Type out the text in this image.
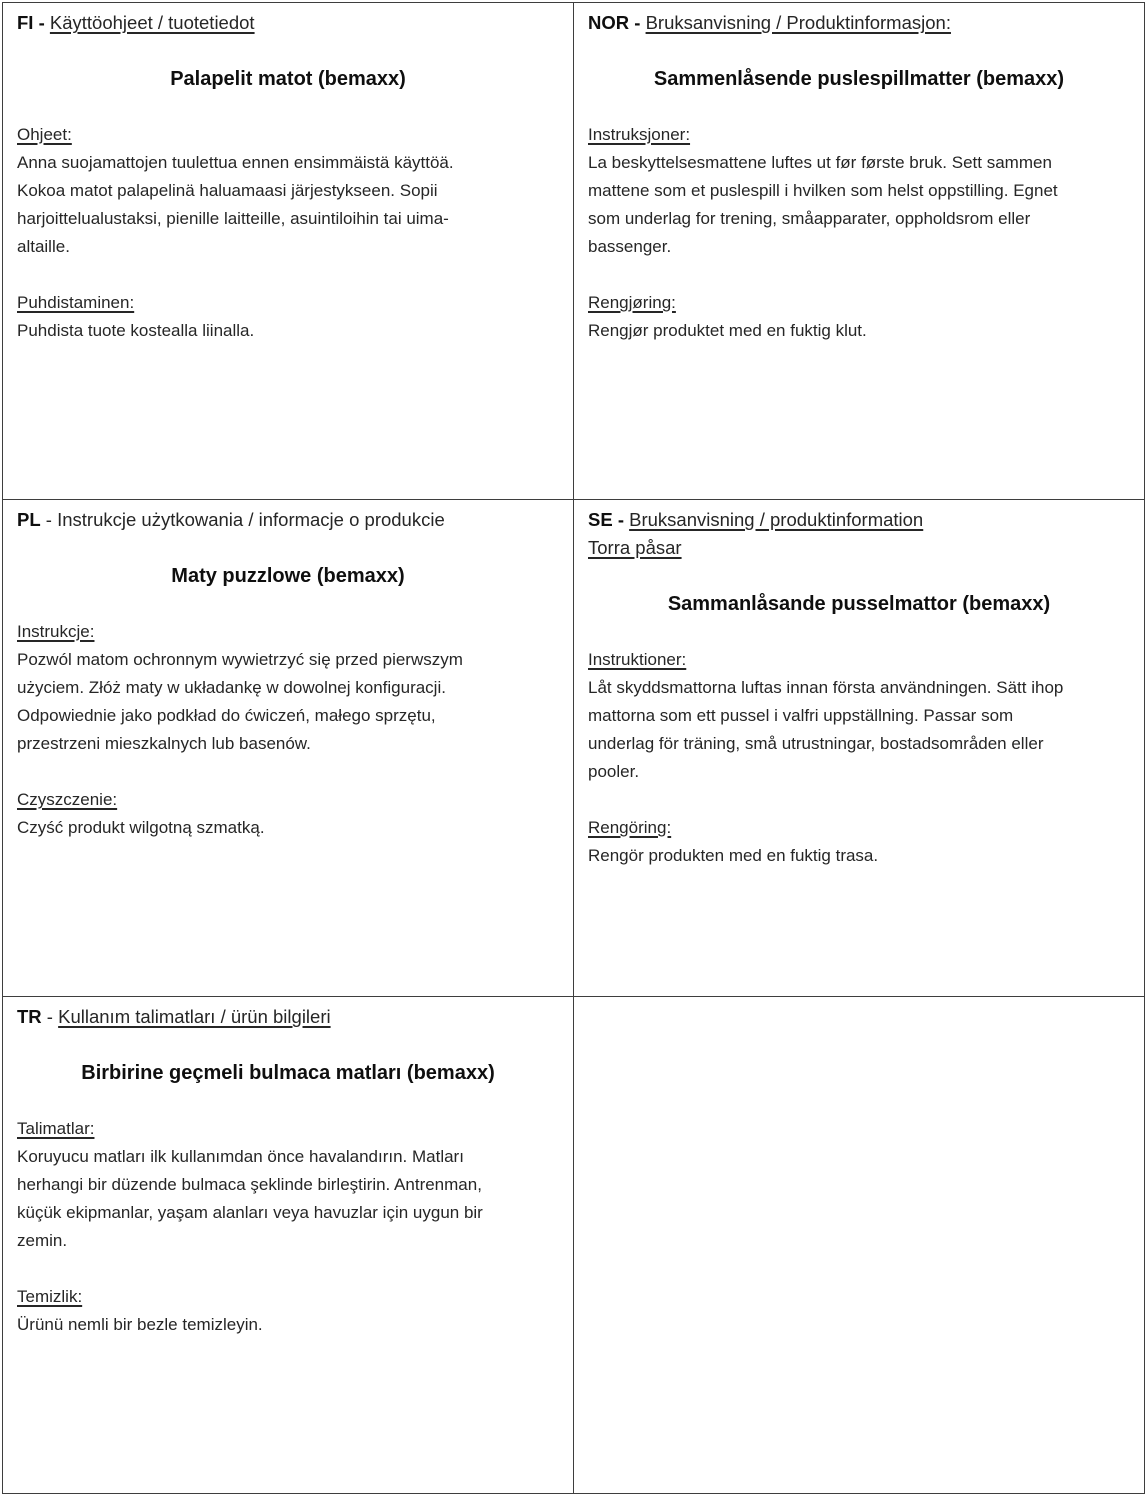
FI - Käyttöohjeet / tuotetiedot

Palapelit matot (bemaxx)

Ohjeet:

Anna suojamattojen tuulettua ennen ensimmäistä käyttöä.
Kokoa matot palapelinä haluamaasi järjestykseen. Sopii
harjoittelualustaksi, pienille laitteille, asuintiloihin tai uima-
altaille.

Puhdistaminen:

Puhdista tuote kostealla liinalla.

NOR - Bruksanvisning / Produktinformasjon:

Sammenlåsende puslespillmatter (bemaxx)

Instruksjoner:

La beskyttelsesmattene luftes ut før første bruk. Sett sammen
mattene som et puslespill i hvilken som helst oppstilling. Egnet
som underlag for trening, småapparater, oppholdsrom eller
bassenger.

Rengjøring:

Rengjør produktet med en fuktig klut.

PL - Instrukcje użytkowania / informacje o produkcie

Maty puzzlowe (bemaxx)

Instrukcje:

Pozwól matom ochronnym wywietrzyć się przed pierwszym
użyciem. Złóż maty w układankę w dowolnej konfiguracji.
Odpowiednie jako podkład do ćwiczeń, małego sprzętu,
przestrzeni mieszkalnych lub basenów.

Czyszczenie:

Czyść produkt wilgotną szmatką.

SE - Bruksanvisning / produktinformation

Torra påsar

Sammanlåsande pusselmattor (bemaxx)

Instruktioner:

Låt skyddsmattorna luftas innan första användningen. Sätt ihop
mattorna som ett pussel i valfri uppställning. Passar som
underlag för träning, små utrustningar, bostadsområden eller
pooler.

Rengöring:

Rengör produkten med en fuktig trasa.

TR - Kullanım talimatları / ürün bilgileri

Birbirine geçmeli bulmaca matları (bemaxx)

Talimatlar:

Koruyucu matları ilk kullanımdan önce havalandırın. Matları
herhangi bir düzende bulmaca şeklinde birleştirin. Antrenman,
küçük ekipmanlar, yaşam alanları veya havuzlar için uygun bir
zemin.

Temizlik:

Ürünü nemli bir bezle temizleyin.
